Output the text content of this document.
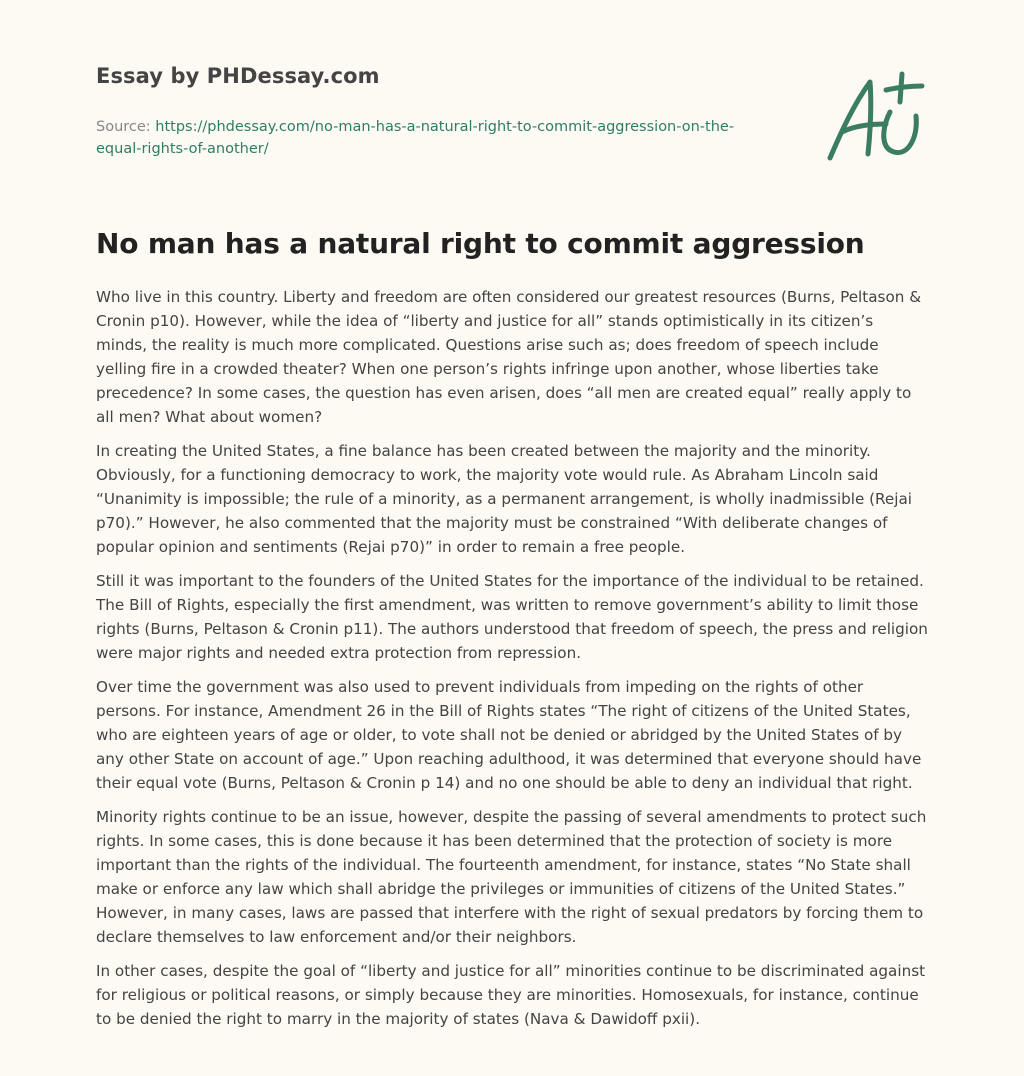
Essay by PHDessay.com
Source: https://phdessay.com/no-man-has-a-natural-right-to-commit-aggression-on-the-equal-rights-of-another/
No man has a natural right to commit aggression

Who live in this country. Liberty and freedom are often considered our greatest resources (Burns, Peltason & Cronin p10). However, while the idea of “liberty and justice for all” stands optimistically in its citizen’s minds, the reality is much more complicated. Questions arise such as; does freedom of speech include yelling fire in a crowded theater? When one person’s rights infringe upon another, whose liberties take precedence? In some cases, the question has even arisen, does “all men are created equal” really apply to all men? What about women?

In creating the United States, a fine balance has been created between the majority and the minority. Obviously, for a functioning democracy to work, the majority vote would rule. As Abraham Lincoln said “Unanimity is impossible; the rule of a minority, as a permanent arrangement, is wholly inadmissible (Rejai p70).” However, he also commented that the majority must be constrained “With deliberate changes of popular opinion and sentiments (Rejai p70)” in order to remain a free people.

Still it was important to the founders of the United States for the importance of the individual to be retained. The Bill of Rights, especially the first amendment, was written to remove government’s ability to limit those rights (Burns, Peltason & Cronin p11). The authors understood that freedom of speech, the press and religion were major rights and needed extra protection from repression.

Over time the government was also used to prevent individuals from impeding on the rights of other persons. For instance, Amendment 26 in the Bill of Rights states “The right of citizens of the United States, who are eighteen years of age or older, to vote shall not be denied or abridged by the United States of by any other State on account of age.” Upon reaching adulthood, it was determined that everyone should have their equal vote (Burns, Peltason & Cronin p 14) and no one should be able to deny an individual that right.

Minority rights continue to be an issue, however, despite the passing of several amendments to protect such rights. In some cases, this is done because it has been determined that the protection of society is more important than the rights of the individual. The fourteenth amendment, for instance, states “No State shall make or enforce any law which shall abridge the privileges or immunities of citizens of the United States.” However, in many cases, laws are passed that interfere with the right of sexual predators by forcing them to declare themselves to law enforcement and/or their neighbors.

In other cases, despite the goal of “liberty and justice for all” minorities continue to be discriminated against for religious or political reasons, or simply because they are minorities. Homosexuals, for instance, continue to be denied the right to marry in the majority of states (Nava & Dawidoff pxii).
